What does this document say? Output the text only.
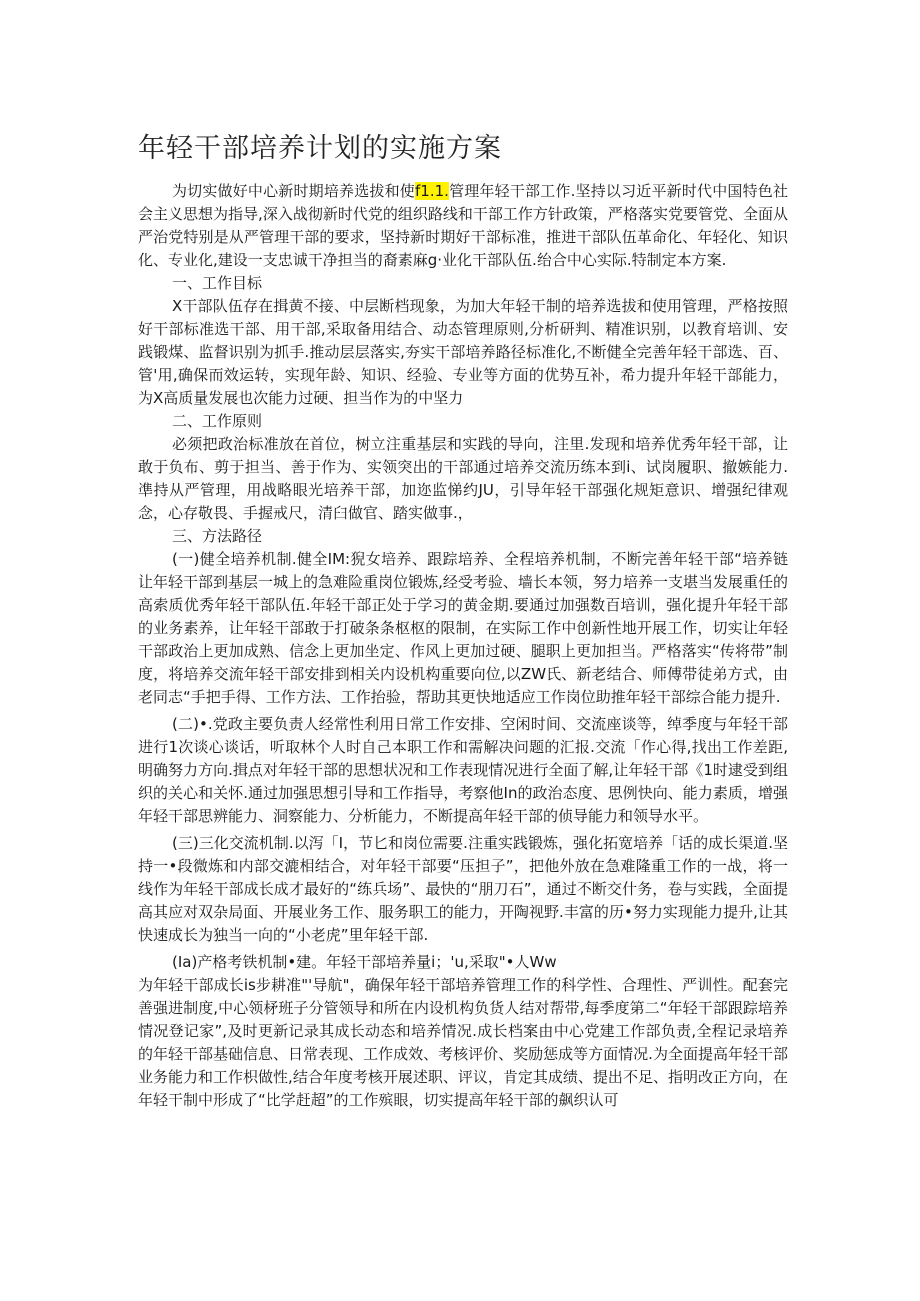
年轻干部培养计划的实施方案

为切实做好中心新时期培养选拔和使f1.1.管理年轻干部工作.坚持以习近平新时代中国特色社会主义思想为指导,深入战彻新时代党的组织路线和干部工作方针政策，严格落实党要管党、全面从严治党特别是从严管理干部的要求，坚持新时期好干部标准，推进干部队伍革命化、年轻化、知识化、专业化,建设一支忠诚干净担当的裔素麻g·业化干部队伍.绐合中心实际.特制定本方案.

一、工作目标

X干部队伍存在揖黄不接、中层断档现象，为加大年轻干制的培养选拔和使用管理，严格按照好干部标准选干部、用干部,采取备用结合、动态管理原则,分析研判、精准识别，以教育培训、安践锻煤、监督识别为抓手.推动层层落实,夯实干部培养路径标准化,不断健全完善年轻干部选、百、管'用,确保而效运转，实现年龄、知识、经验、专业等方面的优势互补，希力提升年轻干部能力，为X高质量发展也次能力过硬、担当作为的中坚力

二、工作原则

必须把政治标准放在首位，树立注重基层和实践的导向，注里.发现和培养优秀年轻干部，让敢于负布、剪于担当、善于作为、实领突出的干部通过培养交流历练本到i、试岗履职、撤嫉能力.凖持从严管理，用战略眼光培养干部，加迩监悌约JU，引导年轻干部强化规矩意识、增强纪律观念，心存敬畏、手握戒尺，清臼做官、踏实做事.，

三、方法路径

(一)健全培养机制.健全IM:猊女培养、跟踪培养、全程培养机制，不断完善年轻干部“培养链让年轻干部到基层一城上的急难险重岗位锻炼,经受考验、墙长本领，努力培养一支堪当发展重任的高索质优秀年轻干部队伍.年轻干部正处于学习的黄金期.要通过加强数百培训，强化提升年轻干部的业务素养，让年轻干部敢于打破条条枢枢的限制，在实际工作中创新性地开展工作，切实让年轻干部政治上更加成熟、信念上更加坐定、作风上更加过硬、腿职上更加担当。严格落实“传将带”制度，将培养交流年轻干部安排到相关内设机构重要向位,以ZW氏、新老结合、师傅带徒弟方式，由老同志“手把手得、工作方法、工作抬验，帮助其更快地适应工作岗位助推年轻干部综合能力提升.

(二)•.党政主要负责人经常性利用日常工作安排、空闲时间、交流座谈等，绰季度与年轻干部进行1次谈心谈话，听取林个人时自己本职工作和需解决问题的汇报.交流「作心得,找出工作差距,明确努力方向.揖点对年轻干部的思想状况和工作表现情况进行全面了解,让年轻干部《1时逮受到组织的关心和关怀.通过加强思想引导和工作指导，考察他In的政治态度、思例快向、能力素质，增强年轻干部思辨能力、洞察能力、分析能力，不断提高年轻干部的侦导能力和领导水平。

(三)三化交流机制.以泻「I，节匕和岗位需要.注重实践锻炼，强化拓宽培养「话的成长渠道.坚持一•段微炼和内部交漉相结合，对年轻干部要“压担子”，把他外放在急难隆重工作的一战，将一线作为年轻干部成长成才最好的“练兵场”、最快的“朋刀石”，通过不断交什务，卷与实践，全面提高其应对双杂局面、开展业务工作、服务职工的能力，开陶视野.丰富的历•努力实现能力提升,让其快速成长为独当一向的“小老虎”里年轻干部.

(Ia)产格考铁机制•建。年轻干部培养量i；'u,采取"•人Ww

为年轻干部成长is步耕准"'导航"，确保年轻干部培养管理工作的科学性、合理性、严训性。配套完善强进制度,中心领柕班子分管领导和所在内设机构负货人结对帮带,每季度第二“年轻干部跟踪培养情况登记家”,及时更新记录其成长动态和培养情况.成长档案由中心党建工作部负责,全程记录培养的年轻干部基础信息、日常表现、工作成效、考核评价、奖励惩成等方面情况.为全面提高年轻干部业务能力和工作枳做性,结合年度考核开展述职、评议，肯定其成绩、提出不足、指明改正方向，在年轻干制中形成了“比学赶超”的工作殡眼，切实提高年轻干部的飙织认可
